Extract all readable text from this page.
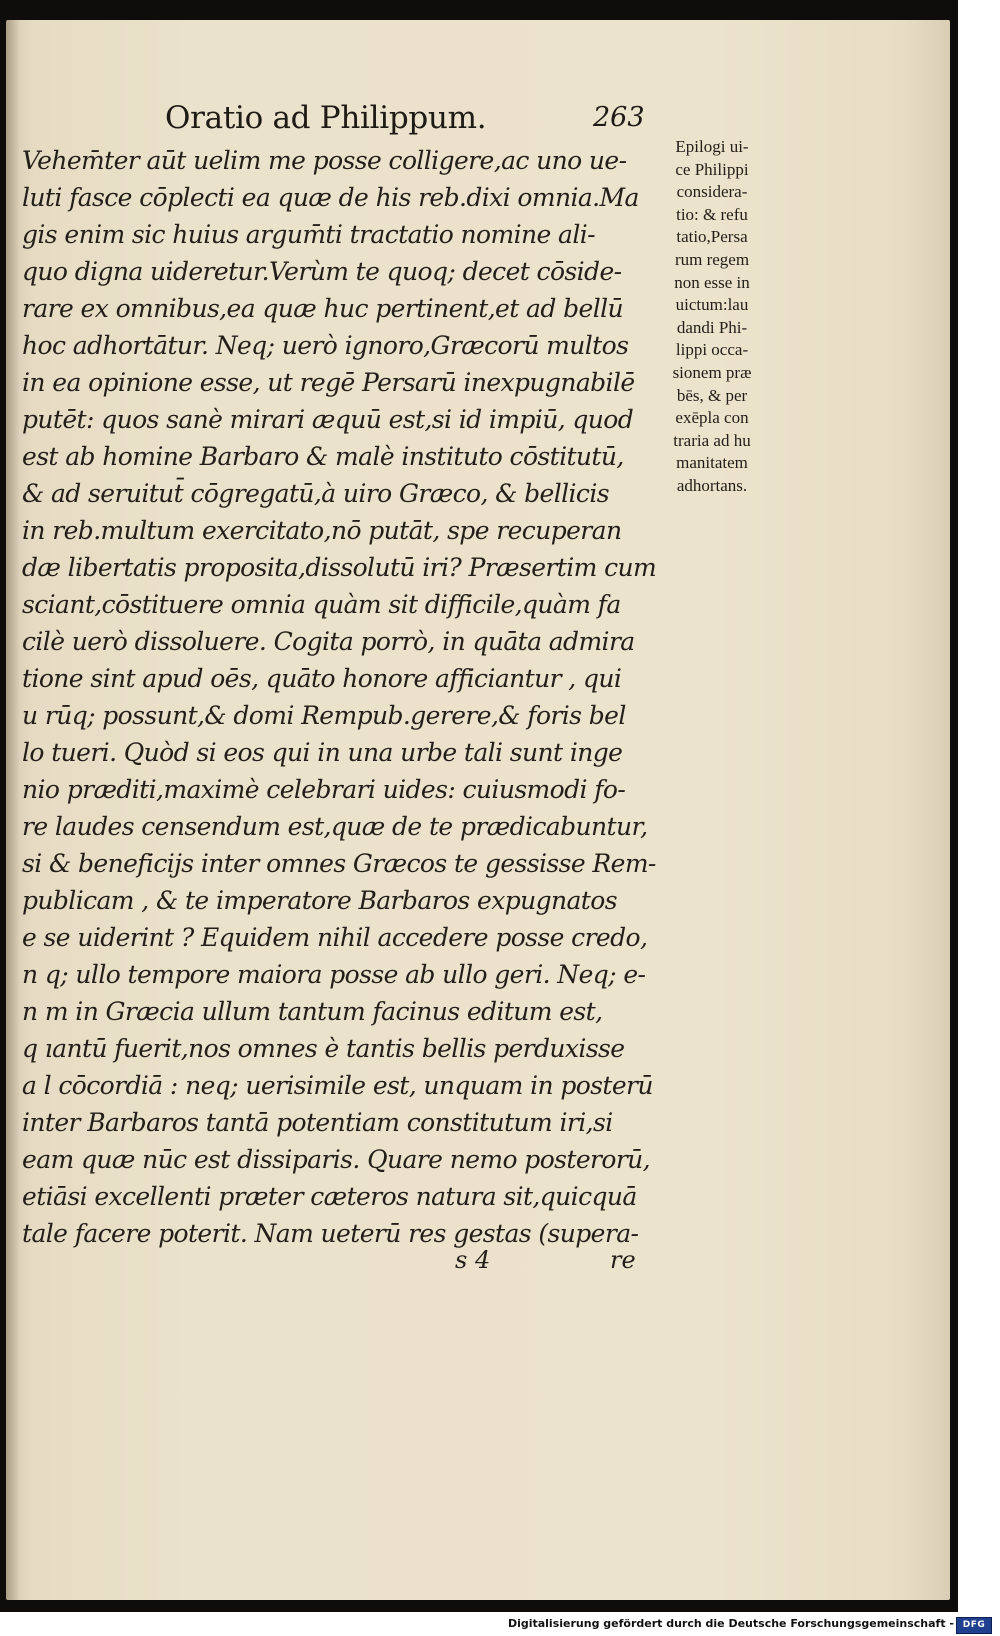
Oratio ad Philippum.	263
Vehem̄ter aūt uelim me posse colligere,ac uno ue-
luti fasce cōplecti ea quæ de his reb.dixi omnia.Ma
gis enim sic huius argum̄ti tractatio nomine ali-
quo digna uideretur.Verùm te quoq; decet cōside-
rare ex omnibus,ea quæ huc pertinent,et ad bellū
hoc adhortātur. Neq; uerò ignoro,Græcorū multos
in ea opinione esse, ut regē Persarū inexpugnabilē
putēt: quos sanè mirari æquū est,si id impiū, quod
est ab homine Barbaro & malè instituto cōstitutū,
& ad seruitut̄ cōgregatū,à uiro Græco, & bellicis
in reb.multum exercitato,nō putāt, spe recuperan
dæ libertatis proposita,dissolutū iri? Præsertim cum
sciant,cōstituere omnia quàm sit difficile,quàm fa
cilè uerò dissoluere. Cogita porrò, in quāta admira
tione sint apud oēs, quāto honore afficiantur , qui
u rūq; possunt,& domi Rempub.gerere,& foris bel
lo tueri. Quòd si eos qui in una urbe tali sunt inge
nio præditi,maximè celebrari uides: cuiusmodi fo-
re laudes censendum est,quæ de te prædicabuntur,
si & beneficijs inter omnes Græcos te gessisse Rem-
publicam , & te imperatore Barbaros expugnatos
e se uiderint ? Equidem nihil accedere posse credo,
n q; ullo tempore maiora posse ab ullo geri. Neq; e-
n m in Græcia ullum tantum facinus editum est,
q ıantū fuerit,nos omnes è tantis bellis perduxisse
a l cōcordiā : neq; uerisimile est, unquam in posterū
inter Barbaros tantā potentiam constitutum iri,si
eam quæ nūc est dissiparis. Quare nemo posterorū,
etiāsi excellenti præter cæteros natura sit,quicquā
tale facere poterit. Nam ueterū res gestas (supera-
s 4	re
Epilogi ui-
ce Philippi
considera-
tio: & refu
tatio,Persa
rum regem
non esse in
uictum:lau
dandi Phi-
lippi occa-
sionem præ
bēs, & per
exēpla con
traria ad hu
manitatem
adhortans.
Digitalisierung gefördert durch die Deutsche Forschungsgemeinschaft - DFG
